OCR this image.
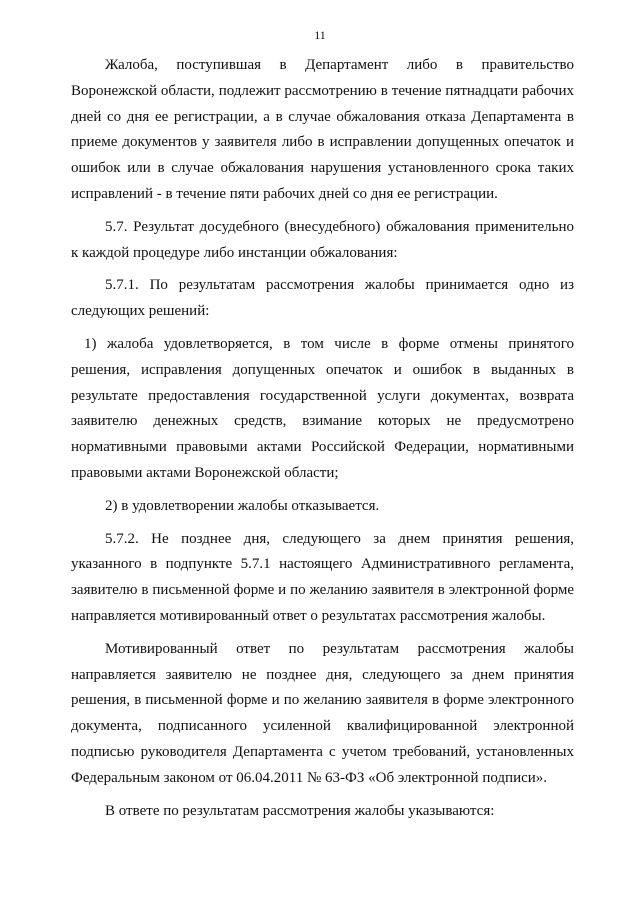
11

Жалоба, поступившая в Департамент либо в правительство Воронежской области, подлежит рассмотрению в течение пятнадцати рабочих дней со дня ее регистрации, а в случае обжалования отказа Департамента в приеме документов у заявителя либо в исправлении допущенных опечаток и ошибок или в случае обжалования нарушения установленного срока таких исправлений - в течение пяти рабочих дней со дня ее регистрации.

5.7. Результат досудебного (внесудебного) обжалования применительно к каждой процедуре либо инстанции обжалования:

5.7.1. По результатам рассмотрения жалобы принимается одно из следующих решений:

1) жалоба удовлетворяется, в том числе в форме отмены принятого решения, исправления допущенных опечаток и ошибок в выданных в результате предоставления государственной услуги документах, возврата заявителю денежных средств, взимание которых не предусмотрено нормативными правовыми актами Российской Федерации, нормативными правовыми актами Воронежской области;

2) в удовлетворении жалобы отказывается.

5.7.2. Не позднее дня, следующего за днем принятия решения, указанного в подпункте 5.7.1 настоящего Административного регламента, заявителю в письменной форме и по желанию заявителя в электронной форме направляется мотивированный ответ о результатах рассмотрения жалобы.

Мотивированный ответ по результатам рассмотрения жалобы направляется заявителю не позднее дня, следующего за днем принятия решения, в письменной форме и по желанию заявителя в форме электронного документа, подписанного усиленной квалифицированной электронной подписью руководителя Департамента с учетом требований, установленных Федеральным законом от 06.04.2011 № 63-ФЗ «Об электронной подписи».

В ответе по результатам рассмотрения жалобы указываются:
